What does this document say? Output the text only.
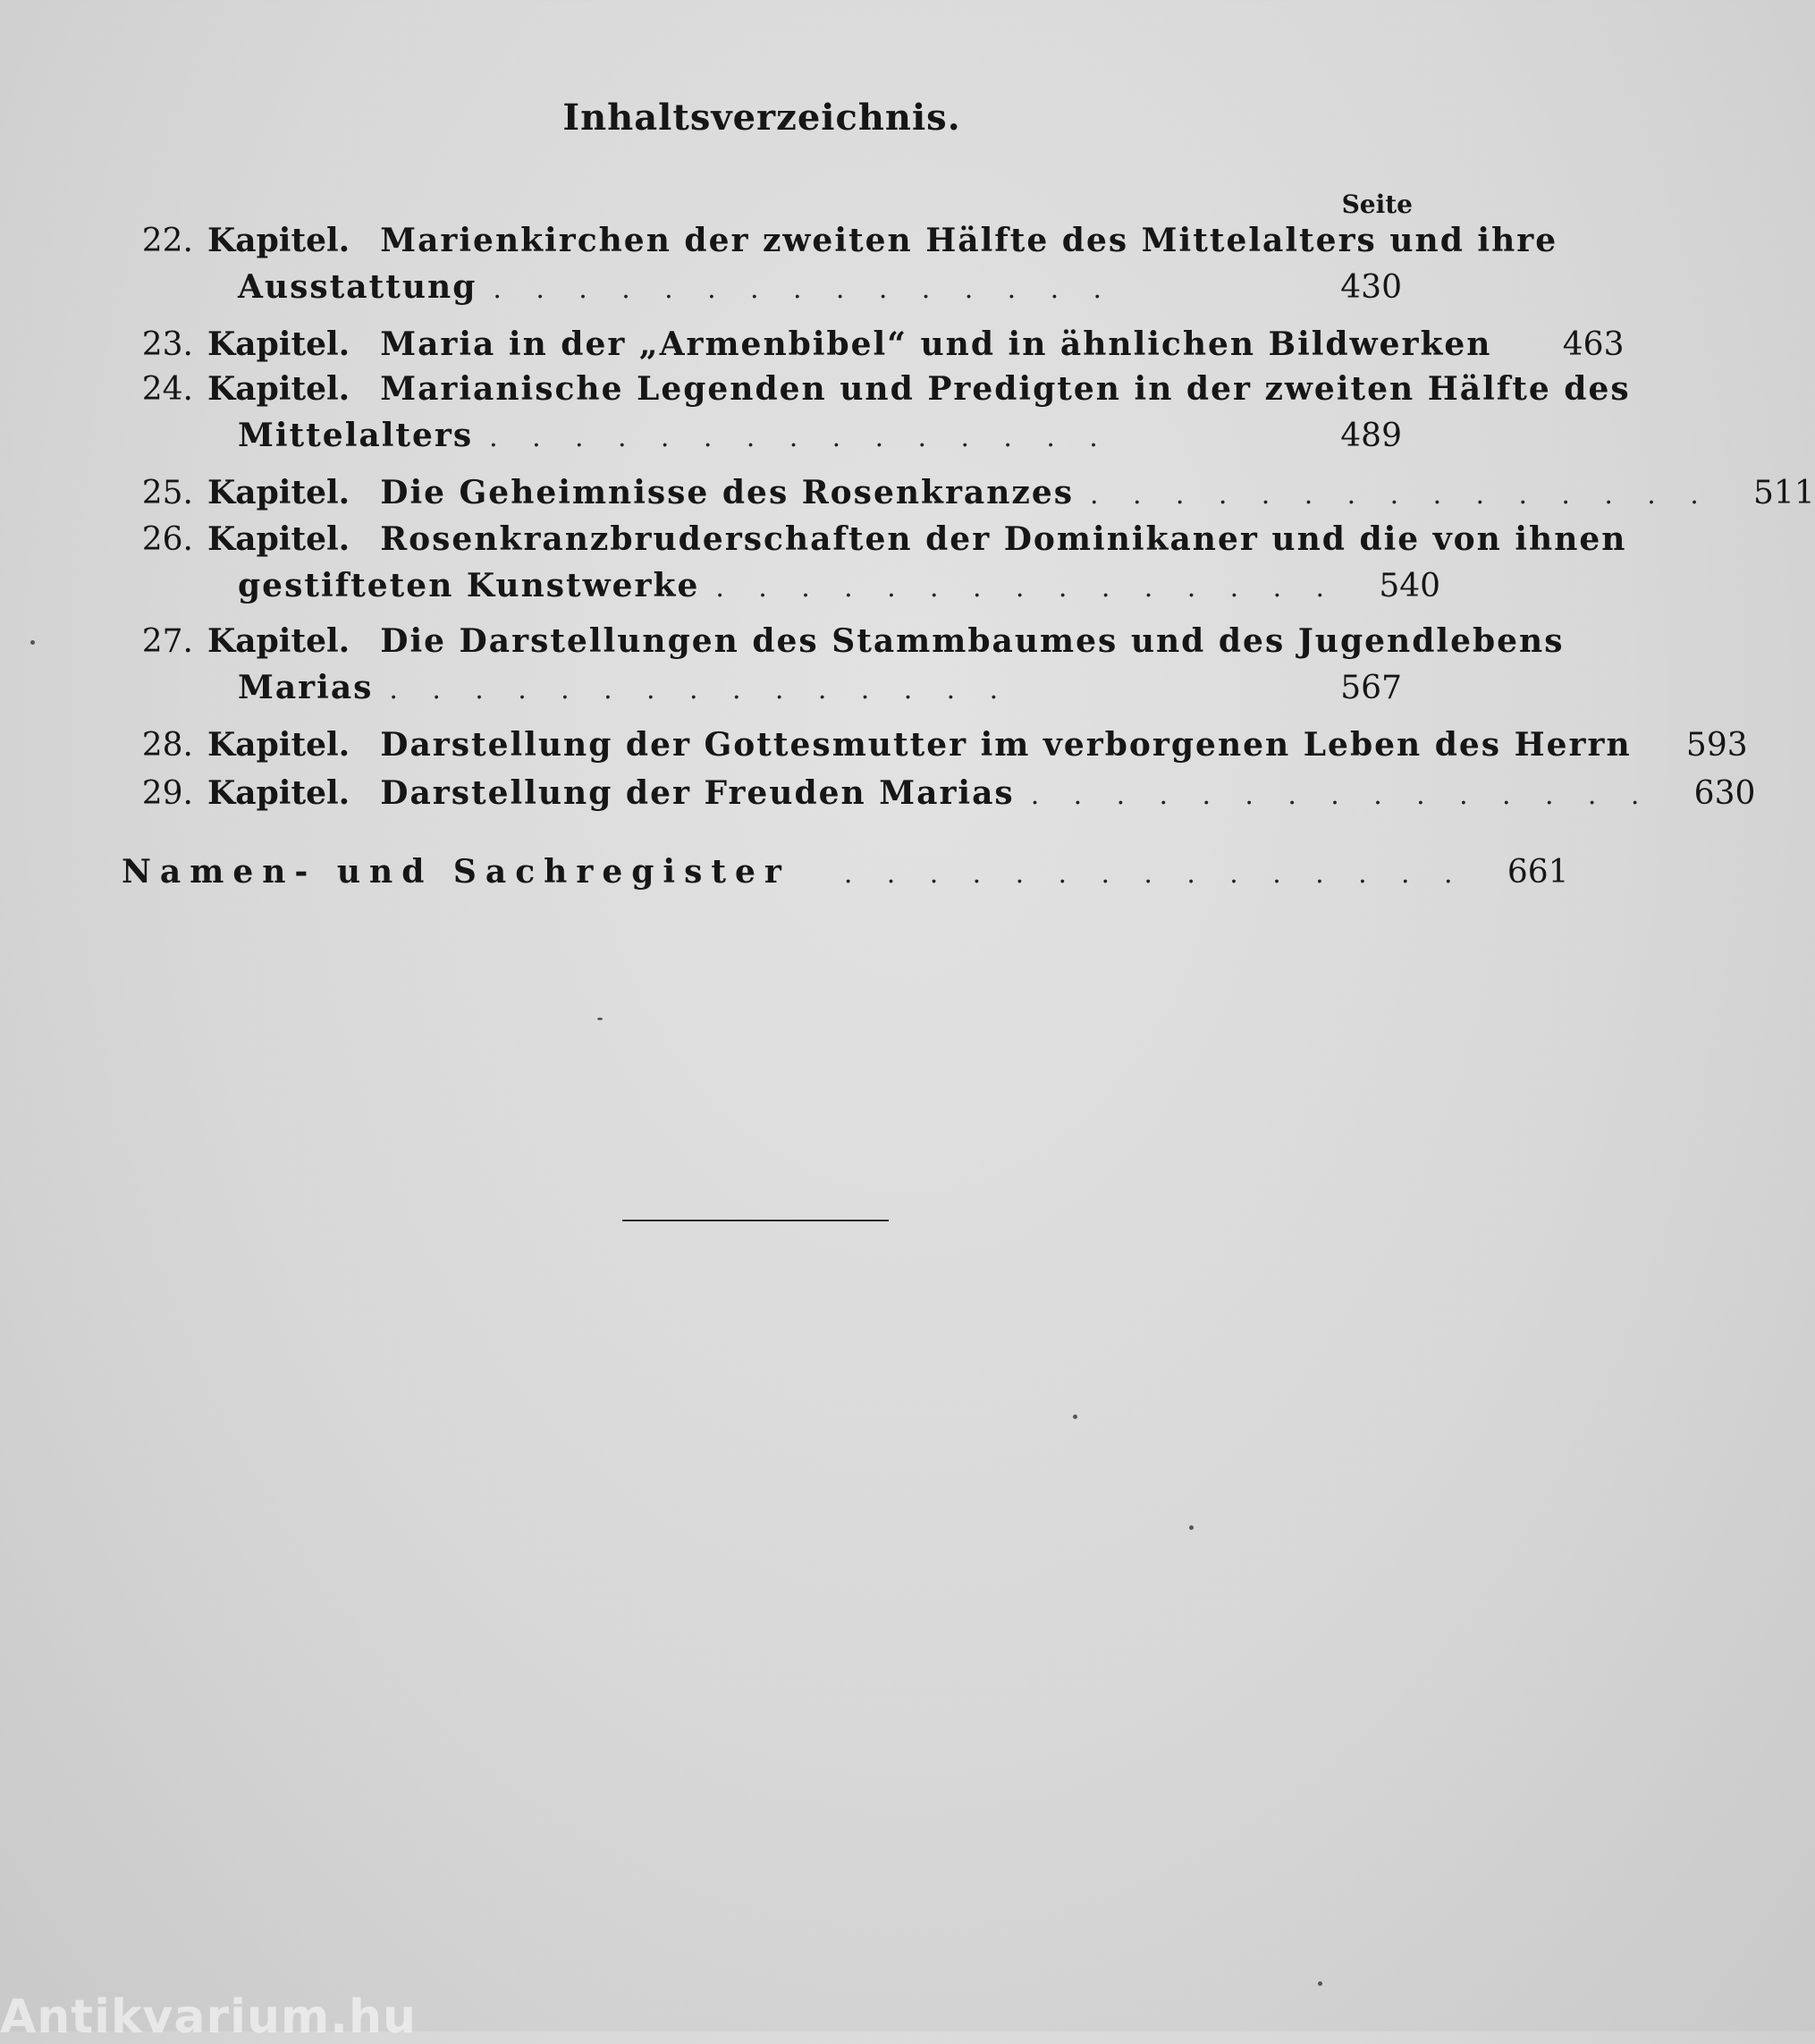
Inhaltsverzeichnis.
Seite
22. Kapitel. Marienkirchen der zweiten Hälfte des Mittelalters und ihre
Ausstattung .	430
23. Kapitel. Maria in der „Armenbibel“ und in ähnlichen Bildwerken	463
24. Kapitel. Marianische Legenden und Predigten in der zweiten Hälfte des
Mittelalters .	489
25. Kapitel. Die Geheimnisse des Rosenkranzes .	511
26. Kapitel. Rosenkranzbruderschaften der Dominikaner und die von ihnen
gestifteten Kunstwerke .	540
27. Kapitel. Die Darstellungen des Stammbaumes und des Jugendlebens
Marias .	567
28. Kapitel. Darstellung der Gottesmutter im verborgenen Leben des Herrn	593
29. Kapitel. Darstellung der Freuden Marias .	630
Namen- und Sachregister .	661
Antikvarium.hu
